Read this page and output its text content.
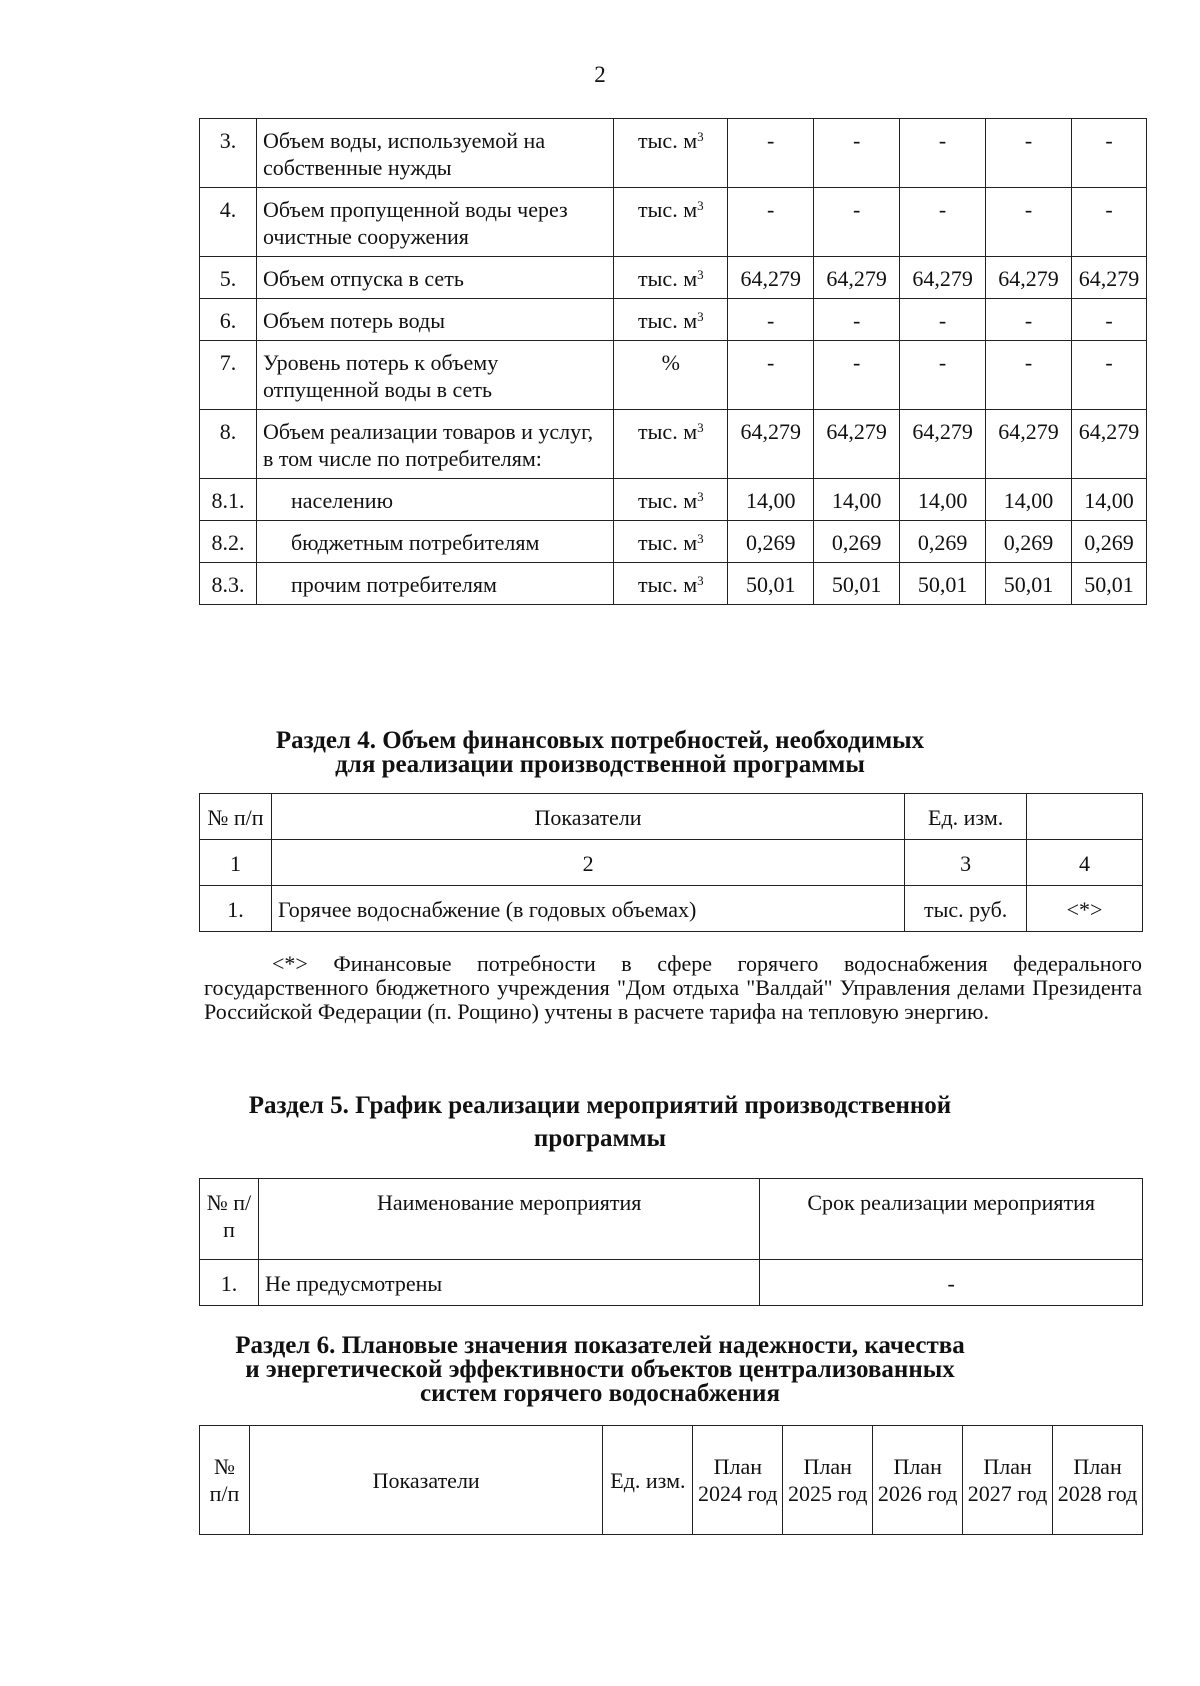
2
3.	Объем воды, используемой на собственные нужды	тыс. $м^3$	-	-	-	-	-
4.	Объем пропущенной воды через очистные сооружения	тыс. $м^3$	-	-	-	-	-
5.	Объем отпуска в сеть	тыс. $м^3$	64,279	64,279	64,279	64,279	64,279
6.	Объем потерь воды	тыс. $м^3$	-	-	-	-	-
7.	Уровень потерь к объему отпущенной воды в сеть	%	-	-	-	-	-
8.	Объем реализации товаров и услуг, в том числе по потребителям:	тыс. $м^3$	64,279	64,279	64,279	64,279	64,279
8.1.	населению	тыс. $м^3$	14,00	14,00	14,00	14,00	14,00
8.2.	бюджетным потребителям	тыс. $м^3$	0,269	0,269	0,269	0,269	0,269
8.3.	прочим потребителям	тыс. $м^3$	50,01	50,01	50,01	50,01	50,01
Раздел 4. Объем финансовых потребностей, необходимых
для реализации производственной программы
№ п/п	Показатели	Ед. изм.	
1	2	3	4
1.	Горячее водоснабжение (в годовых объемах)	тыс. руб.	<*>

<*> Финансовые потребности в сфере горячего водоснабжения федерального государственного бюджетного учреждения "Дом отдыха "Валдай" Управления делами Президента Российской Федерации (п. Рощино) учтены в расчете тарифа на тепловую энергию.

Раздел 5. График реализации мероприятий производственной
программы
№ п/п	Наименование мероприятия	Срок реализации мероприятия
1.	Не предусмотрены	-
Раздел 6. Плановые значения показателей надежности, качества
и энергетической эффективности объектов централизованных
систем горячего водоснабжения
№ п/п	Показатели	Ед. изм.	План 2024 год	План 2025 год	План 2026 год	План 2027 год	План 2028 год
